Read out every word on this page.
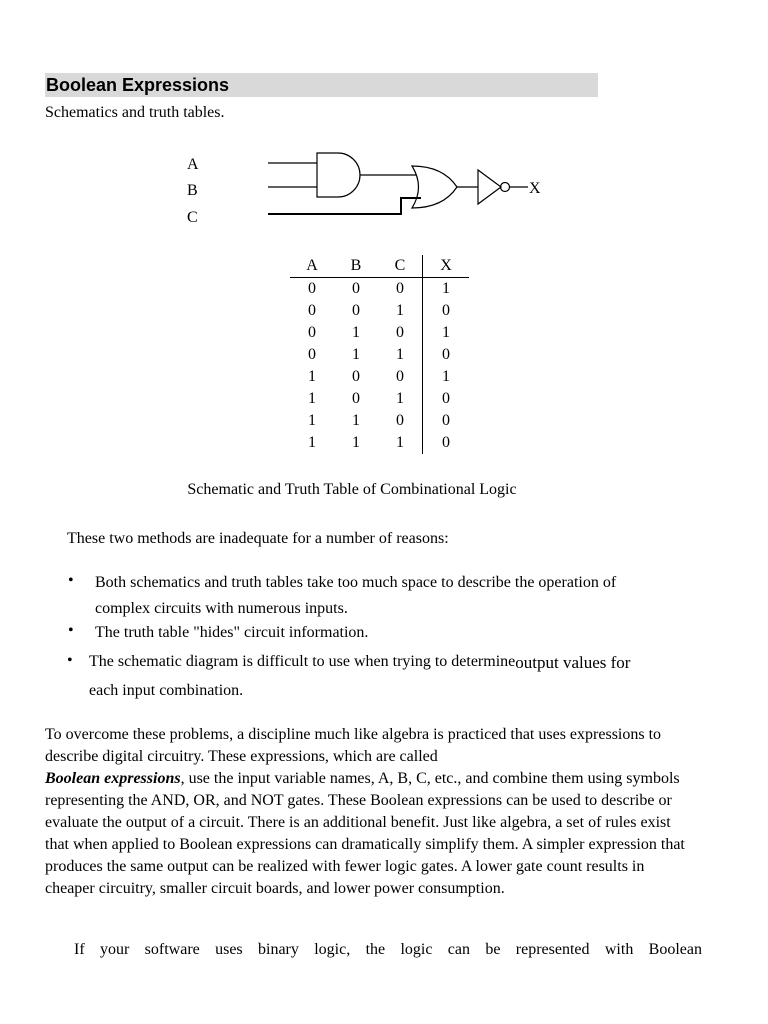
Boolean Expressions
Schematics and truth tables.
A
B
C
X
A	B	C	X
0	0	0	1
0	0	1	0
0	1	0	1
0	1	1	0
1	0	0	1
1	0	1	0
1	1	0	0
1	1	1	0
Schematic and Truth Table of Combinational Logic
These two methods are inadequate for a number of reasons:
• Both schematics and truth tables take too much space to describe the operation of
complex circuits with numerous inputs.
• The truth table "hides" circuit information.
• The schematic diagram is difficult to use when trying to determineoutput values for
each input combination.
To overcome these problems, a discipline much like algebra is practiced that uses expressions to describe digital circuitry. These expressions, which are called
Boolean expressions, use the input variable names, A, B, C, etc., and combine them using symbols representing the AND, OR, and NOT gates. These Boolean expressions can be used to describe or evaluate the output of a circuit. There is an additional benefit. Just like algebra, a set of rules exist that when applied to Boolean expressions can dramatically simplify them. A simpler expression that produces the same output can be realized with fewer logic gates. A lower gate count results in cheaper circuitry, smaller circuit boards, and lower power consumption.
If your software uses binary logic, the logic can be represented with Boolean
